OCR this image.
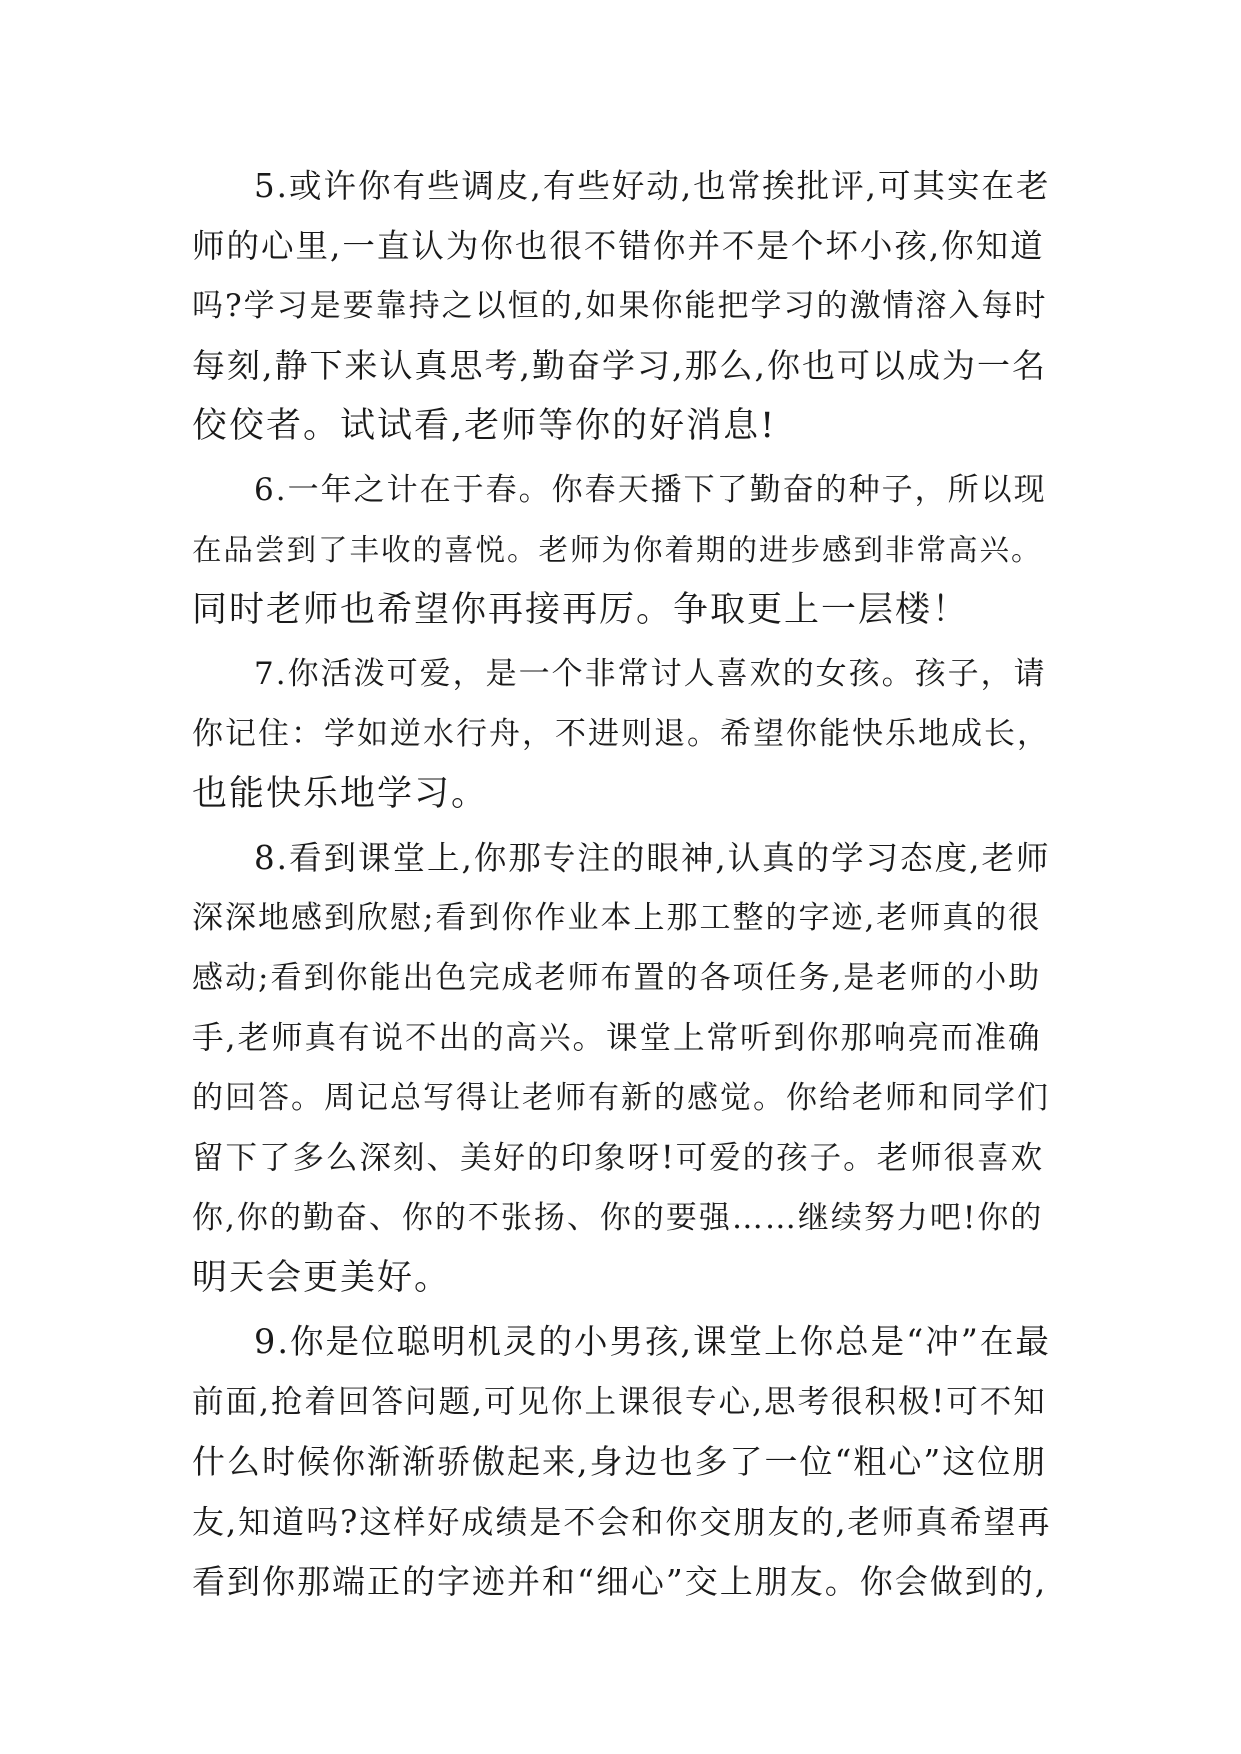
5.或许你有些调皮,有些好动,也常挨批评,可其实在老
师的心里,一直认为你也很不错你并不是个坏小孩,你知道
吗?学习是要靠持之以恒的,如果你能把学习的激情溶入每时
每刻,静下来认真思考,勤奋学习,那么,你也可以成为一名
佼佼者。试试看,老师等你的好消息!
6.一年之计在于春。你春天播下了勤奋的种子，所以现
在品尝到了丰收的喜悦。老师为你着期的进步感到非常高兴。
同时老师也希望你再接再厉。争取更上一层楼！
7.你活泼可爱，是一个非常讨人喜欢的女孩。孩子，请
你记住：学如逆水行舟，不进则退。希望你能快乐地成长，
也能快乐地学习。
8.看到课堂上,你那专注的眼神,认真的学习态度,老师
深深地感到欣慰;看到你作业本上那工整的字迹,老师真的很
感动;看到你能出色完成老师布置的各项任务,是老师的小助
手,老师真有说不出的高兴。课堂上常听到你那响亮而准确
的回答。周记总写得让老师有新的感觉。你给老师和同学们
留下了多么深刻、美好的印象呀!可爱的孩子。老师很喜欢
你,你的勤奋、你的不张扬、你的要强……继续努力吧!你的
明天会更美好。
9.你是位聪明机灵的小男孩,课堂上你总是“冲”在最
前面,抢着回答问题,可见你上课很专心,思考很积极!可不知
什么时候你渐渐骄傲起来,身边也多了一位“粗心”这位朋
友,知道吗?这样好成绩是不会和你交朋友的,老师真希望再
看到你那端正的字迹并和“细心”交上朋友。你会做到的,
